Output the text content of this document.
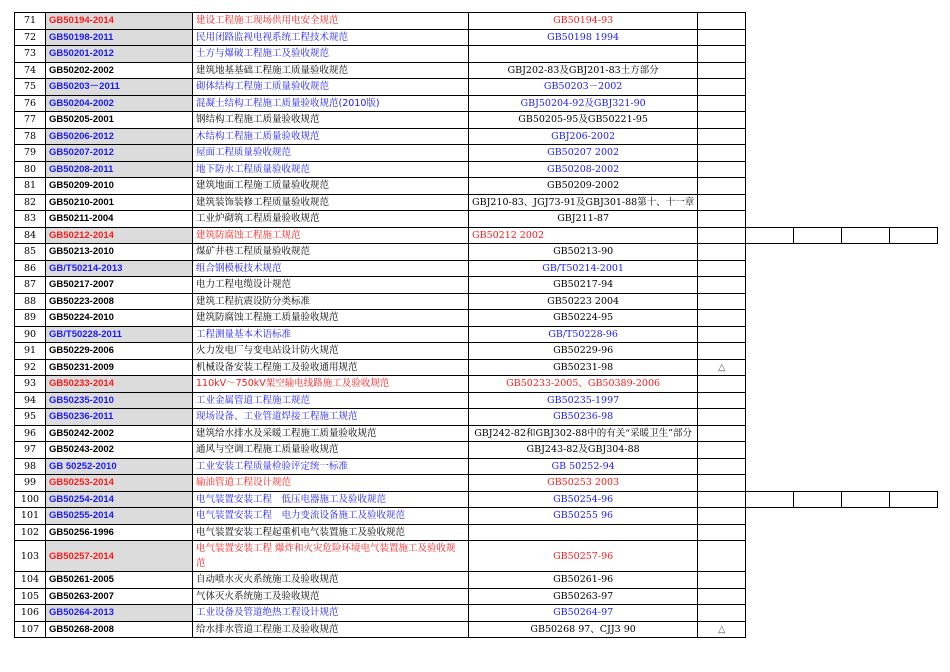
71	GB50194-2014	建设工程施工现场供用电安全规范	GB50194-93					
72	GB50198-2011	民用闭路监视电视系统工程技术规范	GB50198 1994					
73	GB50201-2012	土方与爆破工程施工及验收规范						
74	GB50202-2002	建筑地基基础工程施工质量验收规范	GBJ202-83及GBJ201-83土方部分					
75	GB50203－2011	砌体结构工程施工质量验收规范	GB50203－2002					
76	GB50204-2002	混凝土结构工程施工质量验收规范(2010版)	GBJ50204-92及GBJ321-90					
77	GB50205-2001	钢结构工程施工质量验收规范	GB50205-95及GB50221-95					
78	GB50206-2012	木结构工程施工质量验收规范	GBJ206-2002					
79	GB50207-2012	屋面工程质量验收规范	GB50207 2002					
80	GB50208-2011	地下防水工程质量验收规范	GB50208-2002					
81	GB50209-2010	建筑地面工程施工质量验收规范	GB50209-2002					
82	GB50210-2001	建筑装饰装修工程质量验收规范	GBJ210-83、JGJ73-91及GBJ301-88第十、十一章					
83	GB50211-2004	工业炉砌筑工程质量验收规范	GBJ211-87					
84	GB50212-2014	建筑防腐蚀工程施工规范	GB50212 2002					
85	GB50213-2010	煤矿井巷工程质量验收规范	GB50213-90					
86	GB/T50214-2013	组合钢模板技术规范	GB/T50214-2001					
87	GB50217-2007	电力工程电缆设计规范	GB50217-94					
88	GB50223-2008	建筑工程抗震设防分类标准	GB50223 2004					
89	GB50224-2010	建筑防腐蚀工程施工质量验收规范	GB50224-95					
90	GB/T50228-2011	工程测量基本术语标准	GB/T50228-96					
91	GB50229-2006	火力发电厂与变电站设计防火规范	GB50229-96					
92	GB50231-2009	机械设备安装工程施工及验收通用规范	GB50231-98	△				
93	GB50233-2014	110kV～750kV架空输电线路施工及验收规范	GB50233-2005、GB50389-2006					
94	GB50235-2010	工业金属管道工程施工规范	GB50235-1997					
95	GB50236-2011	现场设备、工业管道焊接工程施工规范	GB50236-98					
96	GB50242-2002	建筑给水排水及采暖工程施工质量验收规范	GBJ242-82和GBJ302-88中的有关“采暖卫生”部分					
97	GB50243-2002	通风与空调工程施工质量验收规范	GBJ243-82及GBJ304-88					
98	GB 50252-2010	工业安装工程质量检验评定统一标准	GB 50252-94					
99	GB50253-2014	输油管道工程设计规范	GB50253 2003					
100	GB50254-2014	电气装置安装工程　低压电器施工及验收规范	GB50254-96					
101	GB50255-2014	电气装置安装工程　电力变流设备施工及验收规范	GB50255 96					
102	GB50256-1996	电气装置安装工程起重机电气装置施工及验收规范						
103	GB50257-2014	电气装置安装工程 爆炸和火灾危险环境电气装置施工及验收规范	GB50257-96					
104	GB50261-2005	自动喷水灭火系统施工及验收规范	GB50261-96					
105	GB50263-2007	气体灭火系统施工及验收规范	GB50263-97					
106	GB50264-2013	工业设备及管道绝热工程设计规范	GB50264-97					
107	GB50268-2008	给水排水管道工程施工及验收规范	GB50268 97、CJJ3 90	△				
